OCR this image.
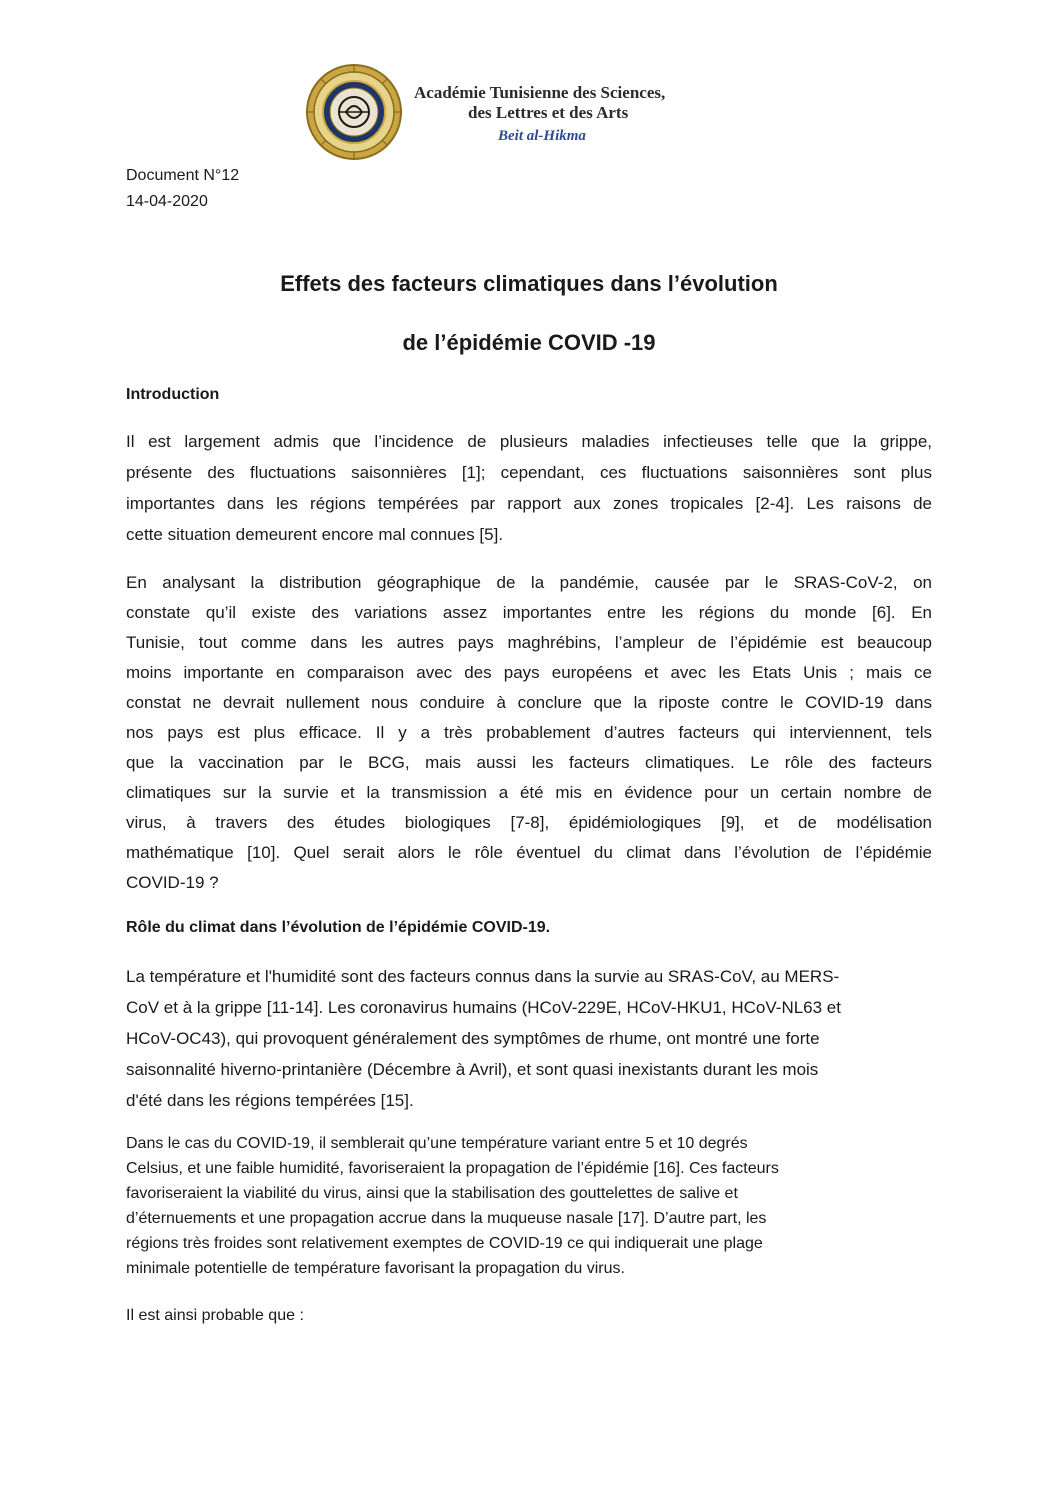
Académie Tunisienne des Sciences,
des Lettres et des Arts
Beit al-Hikma
Document N°12
14-04-2020
Effets des facteurs climatiques dans l’évolution
de l’épidémie COVID -19
Introduction
Il est largement admis que l’incidence de plusieurs maladies infectieuses telle que la grippe,
présente des fluctuations saisonnières [1]; cependant, ces fluctuations saisonnières sont plus
importantes dans les régions tempérées par rapport aux zones tropicales [2-4]. Les raisons de
cette situation demeurent encore mal connues [5].
En analysant la distribution géographique de la pandémie, causée par le SRAS-CoV-2, on
constate qu’il existe des variations assez importantes entre les régions du monde [6]. En
Tunisie, tout comme dans les autres pays maghrébins, l’ampleur de l’épidémie est beaucoup
moins importante en comparaison avec des pays européens et avec les Etats Unis ; mais ce
constat ne devrait nullement nous conduire à conclure que la riposte contre le COVID-19 dans
nos pays est plus efficace. Il y a très probablement d’autres facteurs qui interviennent, tels
que la vaccination par le BCG, mais aussi les facteurs climatiques. Le rôle des facteurs
climatiques sur la survie et la transmission a été mis en évidence pour un certain nombre de
virus, à travers des études biologiques [7-8], épidémiologiques [9], et de modélisation
mathématique [10]. Quel serait alors le rôle éventuel du climat dans l’évolution de l’épidémie
COVID-19 ?
Rôle du climat dans l’évolution de l’épidémie COVID-19.
La température et l'humidité sont des facteurs connus dans la survie au SRAS-CoV, au MERS-
CoV et à la grippe [11-14]. Les coronavirus humains (HCoV-229E, HCoV-HKU1, HCoV-NL63 et
HCoV-OC43), qui provoquent généralement des symptômes de rhume, ont montré une forte
saisonnalité hiverno-printanière (Décembre à Avril), et sont quasi inexistants durant les mois
d'été dans les régions tempérées [15].
Dans le cas du COVID-19, il semblerait qu’une température variant entre 5 et 10 degrés
Celsius, et une faible humidité, favoriseraient la propagation de l’épidémie [16]. Ces facteurs
favoriseraient la viabilité du virus, ainsi que la stabilisation des gouttelettes de salive et
d’éternuements et une propagation accrue dans la muqueuse nasale [17]. D’autre part, les
régions très froides sont relativement exemptes de COVID-19 ce qui indiquerait une plage
minimale potentielle de température favorisant la propagation du virus.
Il est ainsi probable que :
